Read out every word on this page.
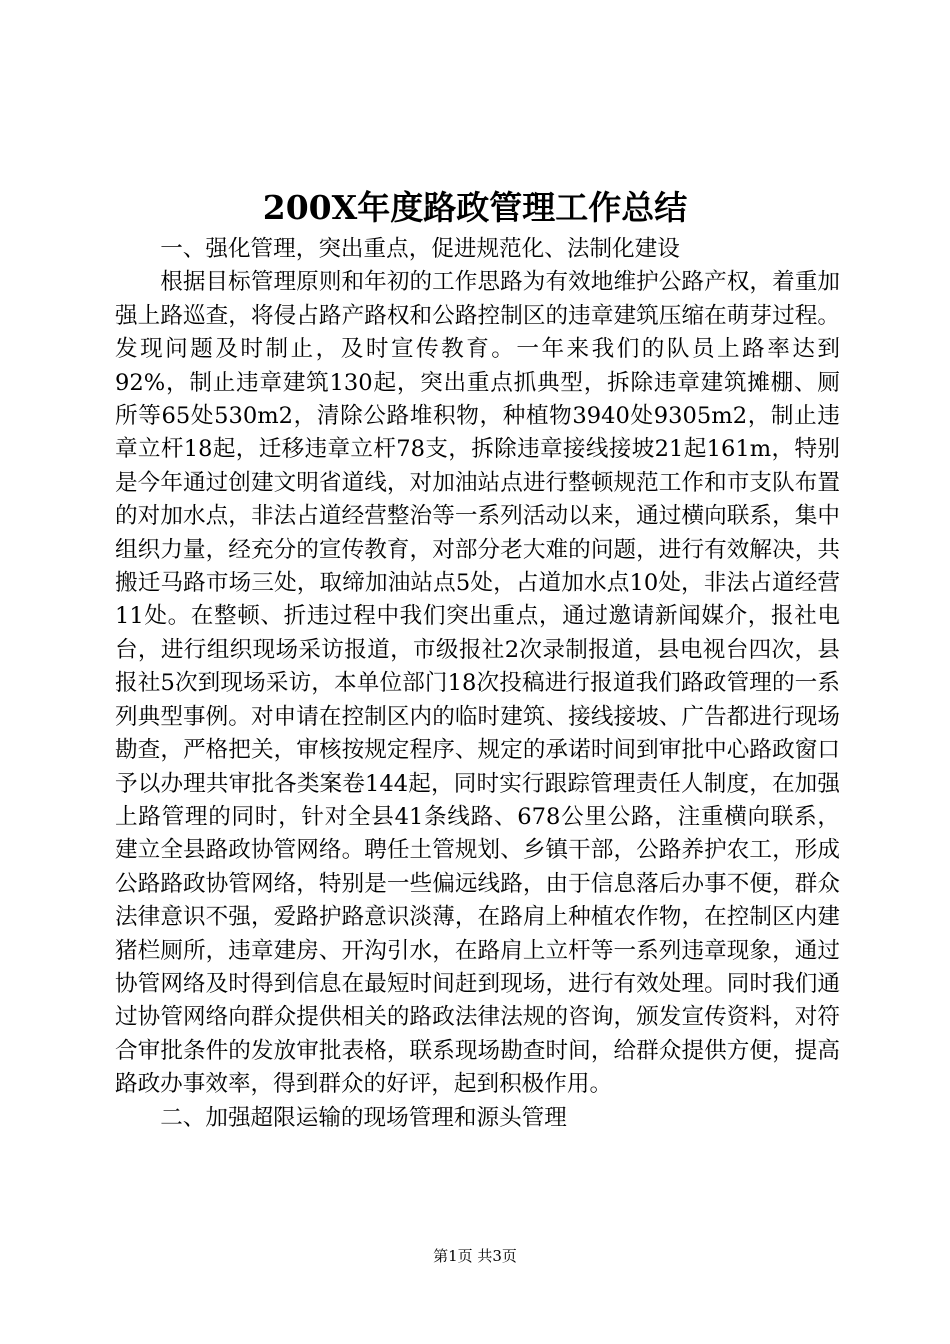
200X年度路政管理工作总结

一、强化管理，突出重点，促进规范化、法制化建设

根据目标管理原则和年初的工作思路为有效地维护公路产权，着重加强上路巡查，将侵占路产路权和公路控制区的违章建筑压缩在萌芽过程。发现问题及时制止，及时宣传教育。一年来我们的队员上路率达到92%，制止违章建筑130起，突出重点抓典型，拆除违章建筑摊棚、厕所等65处530m2，清除公路堆积物，种植物3940处9305m2，制止违章立杆18起，迁移违章立杆78支，拆除违章接线接坡21起161m，特别是今年通过创建文明省道线，对加油站点进行整顿规范工作和市支队布置的对加水点，非法占道经营整治等一系列活动以来，通过横向联系，集中组织力量，经充分的宣传教育，对部分老大难的问题，进行有效解决，共搬迁马路市场三处，取缔加油站点5处，占道加水点10处，非法占道经营11处。在整顿、折违过程中我们突出重点，通过邀请新闻媒介，报社电台，进行组织现场采访报道，市级报社2次录制报道，县电视台四次，县报社5次到现场采访，本单位部门18次投稿进行报道我们路政管理的一系列典型事例。对申请在控制区内的临时建筑、接线接坡、广告都进行现场勘查，严格把关，审核按规定程序、规定的承诺时间到审批中心路政窗口予以办理共审批各类案卷144起，同时实行跟踪管理责任人制度，在加强上路管理的同时，针对全县41条线路、678公里公路，注重横向联系，建立全县路政协管网络。聘任土管规划、乡镇干部，公路养护农工，形成公路路政协管网络，特别是一些偏远线路，由于信息落后办事不便，群众法律意识不强，爱路护路意识淡薄，在路肩上种植农作物，在控制区内建猪栏厕所，违章建房、开沟引水，在路肩上立杆等一系列违章现象，通过协管网络及时得到信息在最短时间赶到现场，进行有效处理。同时我们通过协管网络向群众提供相关的路政法律法规的咨询，颁发宣传资料，对符合审批条件的发放审批表格，联系现场勘查时间，给群众提供方便，提高路政办事效率，得到群众的好评，起到积极作用。

二、加强超限运输的现场管理和源头管理

第1页 共3页
